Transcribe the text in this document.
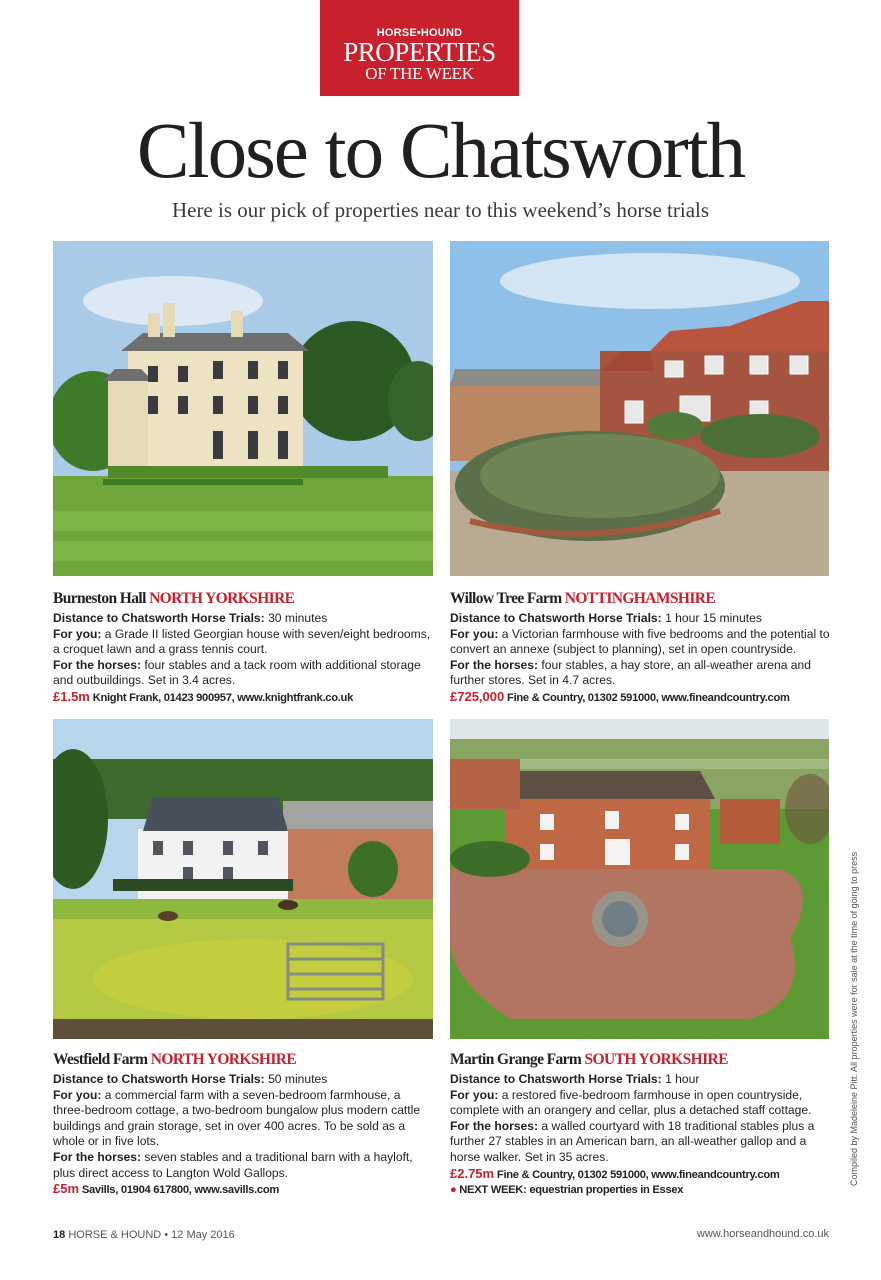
HORSE•HOUND
PROPERTIES
OF THE WEEK
Close to Chatsworth
Here is our pick of properties near to this weekend’s horse trials
Burneston Hall NORTH YORKSHIRE

Distance to Chatsworth Horse Trials: 30 minutes

For you: a Grade II listed Georgian house with seven/eight bedrooms, a croquet lawn and a grass tennis court.

For the horses: four stables and a tack room with additional storage and outbuildings. Set in 3.4 acres.

£1.5m Knight Frank, 01423 900957, www.knightfrank.co.uk

Willow Tree Farm NOTTINGHAMSHIRE

Distance to Chatsworth Horse Trials: 1 hour 15 minutes

For you: a Victorian farmhouse with five bedrooms and the potential to convert an annexe (subject to planning), set in open countryside.

For the horses: four stables, a hay store, an all-weather arena and further stores. Set in 4.7 acres.

£725,000 Fine & Country, 01302 591000, www.fineandcountry.com

Westfield Farm NORTH YORKSHIRE

Distance to Chatsworth Horse Trials: 50 minutes

For you: a commercial farm with a seven-bedroom farmhouse, a three-bedroom cottage, a two-bedroom bungalow plus modern cattle buildings and grain storage, set in over 400 acres. To be sold as a whole or in five lots.

For the horses: seven stables and a traditional barn with a hayloft, plus direct access to Langton Wold Gallops.

£5m Savills, 01904 617800, www.savills.com

Martin Grange Farm SOUTH YORKSHIRE

Distance to Chatsworth Horse Trials: 1 hour

For you: a restored five-bedroom farmhouse in open countryside, complete with an orangery and cellar, plus a detached staff cottage.

For the horses: a walled courtyard with 18 traditional stables plus a further 27 stables in an American barn, an all-weather gallop and a horse walker. Set in 35 acres.

£2.75m Fine & Country, 01302 591000, www.fineandcountry.com

● NEXT WEEK: equestrian properties in Essex

Compiled by Madeleine Pitt. All properties were for sale at the time of going to press
18 HORSE & HOUND • 12 May 2016	www.horseandhound.co.uk
